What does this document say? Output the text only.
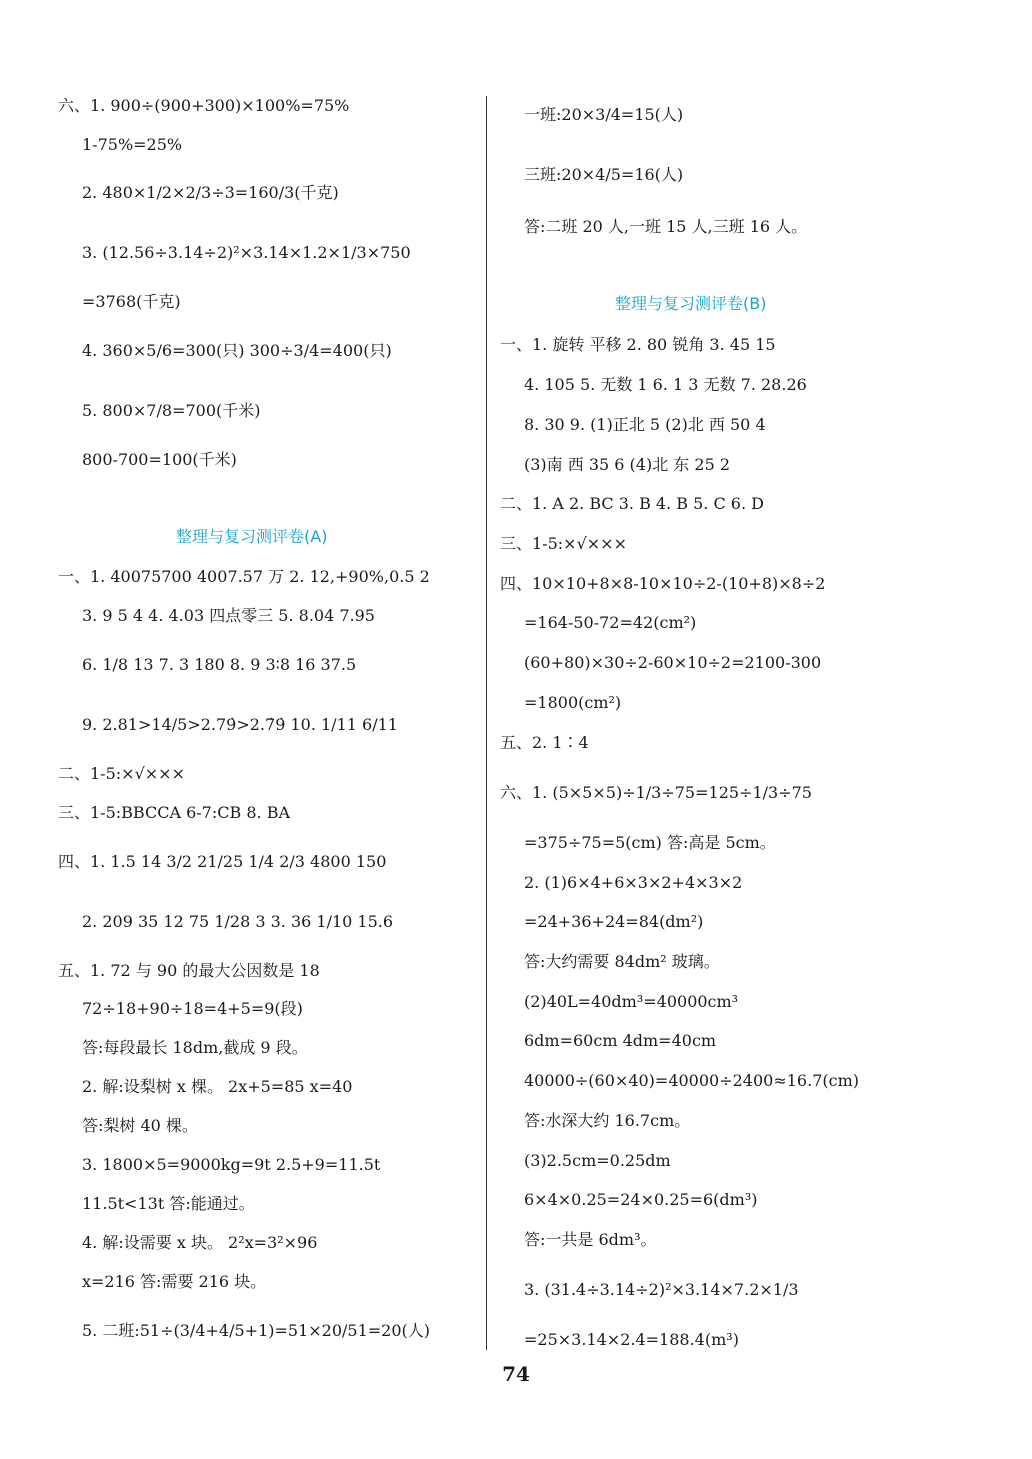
六、1. 900÷(900+300)×100%=75%
1-75%=25%
2. 480×1/2×2/3÷3=160/3(千克)
3. (12.56÷3.14÷2)²×3.14×1.2×1/3×750
=3768(千克)
4. 360×5/6=300(只) 300÷3/4=400(只)
5. 800×7/8=700(千米)
800-700=100(千米)
整理与复习测评卷(A)
一、1. 40075700 4007.57 万 2. 12,+90%,0.5 2
3. 9 5 4 4. 4.03 四点零三 5. 8.04 7.95
6. 1/8 13 7. 3 180 8. 9 3∶8 16 37.5
9. 2.81>14/5>2.79̇>2.7̇9̇ 10. 1/11 6/11
二、1-5:×√×××
三、1-5:BBCCA 6-7:CB 8. BA
四、1. 1.5 14 3/2 21/25 1/4 2/3 4800 150
2. 209 35 12 75 1/28 3 3. 36 1/10 15.6
五、1. 72 与 90 的最大公因数是 18
72÷18+90÷18=4+5=9(段)
答:每段最长 18dm,截成 9 段。
2. 解:设梨树 x 棵。 2x+5=85 x=40
答:梨树 40 棵。
3. 1800×5=9000kg=9t 2.5+9=11.5t
11.5t<13t 答:能通过。
4. 解:设需要 x 块。 2²x=3²×96
x=216 答:需要 216 块。
5. 二班:51÷(3/4+4/5+1)=51×20/51=20(人)
一班:20×3/4=15(人)
三班:20×4/5=16(人)
答:二班 20 人,一班 15 人,三班 16 人。
整理与复习测评卷(B)
一、1. 旋转 平移 2. 80 锐角 3. 45 15
4. 105 5. 无数 1 6. 1 3 无数 7. 28.26
8. 30 9. (1)正北 5 (2)北 西 50 4
(3)南 西 35 6 (4)北 东 25 2
二、1. A 2. BC 3. B 4. B 5. C 6. D
三、1-5:×√×××
四、10×10+8×8-10×10÷2-(10+8)×8÷2
=164-50-72=42(cm²)
(60+80)×30÷2-60×10÷2=2100-300
=1800(cm²)
五、2. 1∶4
六、1. (5×5×5)÷1/3÷75=125÷1/3÷75
=375÷75=5(cm) 答:高是 5cm。
2. (1)6×4+6×3×2+4×3×2
=24+36+24=84(dm²)
答:大约需要 84dm² 玻璃。
(2)40L=40dm³=40000cm³
6dm=60cm 4dm=40cm
40000÷(60×40)=40000÷2400≈16.7(cm)
答:水深大约 16.7cm。
(3)2.5cm=0.25dm
6×4×0.25=24×0.25=6(dm³)
答:一共是 6dm³。
3. (31.4÷3.14÷2)²×3.14×7.2×1/3
=25×3.14×2.4=188.4(m³)
74
